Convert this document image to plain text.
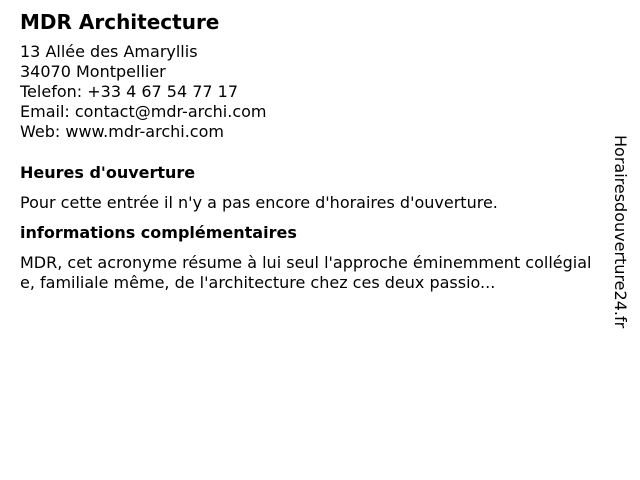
MDR Architecture
13 Allée des Amaryllis
34070 Montpellier
Telefon: +33 4 67 54 77 17
Email: contact@mdr-archi.com
Web: www.mdr-archi.com
Heures d'ouverture

Pour cette entrée il n'y a pas encore d'horaires d'ouverture.

informations complémentaires

MDR, cet acronyme résume à lui seul l'approche éminemment collégiale, familiale même, de l'architecture chez ces deux passio...	Horairesdouverture24.fr
